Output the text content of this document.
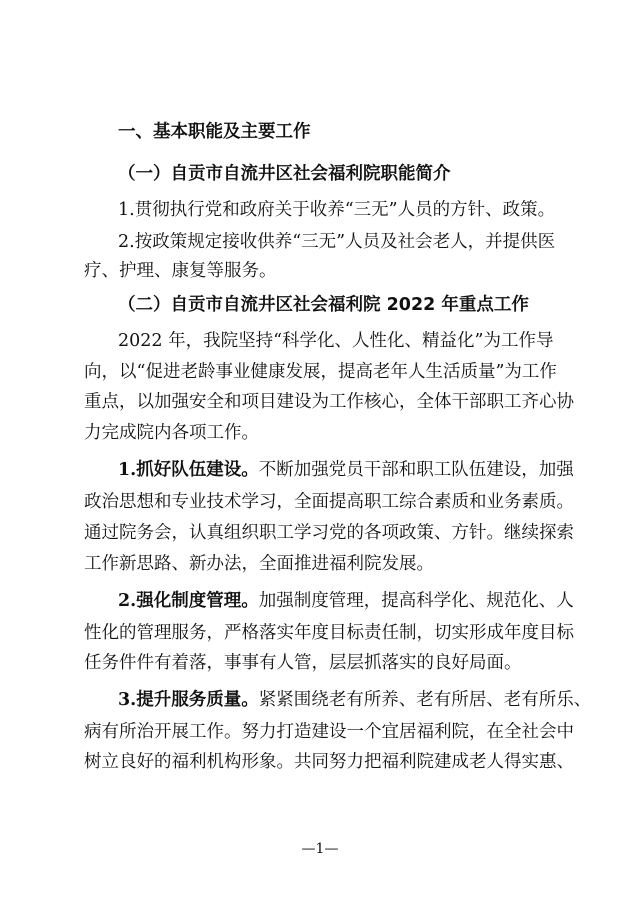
一、基本职能及主要工作
（一）自贡市自流井区社会福利院职能简介
1.贯彻执行党和政府关于收养“三无”人员的方针、政策。
2.按政策规定接收供养“三无”人员及社会老人，并提供医
疗、护理、康复等服务。
（二）自贡市自流井区社会福利院 2022 年重点工作
2022 年，我院坚持“科学化、人性化、精益化”为工作导
向，以“促进老龄事业健康发展，提高老年人生活质量”为工作
重点，以加强安全和项目建设为工作核心，全体干部职工齐心协
力完成院内各项工作。
1.抓好队伍建设。不断加强党员干部和职工队伍建设，加强
政治思想和专业技术学习，全面提高职工综合素质和业务素质。
通过院务会，认真组织职工学习党的各项政策、方针。继续探索
工作新思路、新办法，全面推进福利院发展。
2.强化制度管理。加强制度管理，提高科学化、规范化、人
性化的管理服务，严格落实年度目标责任制，切实形成年度目标
任务件件有着落，事事有人管，层层抓落实的良好局面。
3.提升服务质量。紧紧围绕老有所养、老有所居、老有所乐、
病有所治开展工作。努力打造建设一个宜居福利院，在全社会中
树立良好的福利机构形象。共同努力把福利院建成老人得实惠、
—1—
